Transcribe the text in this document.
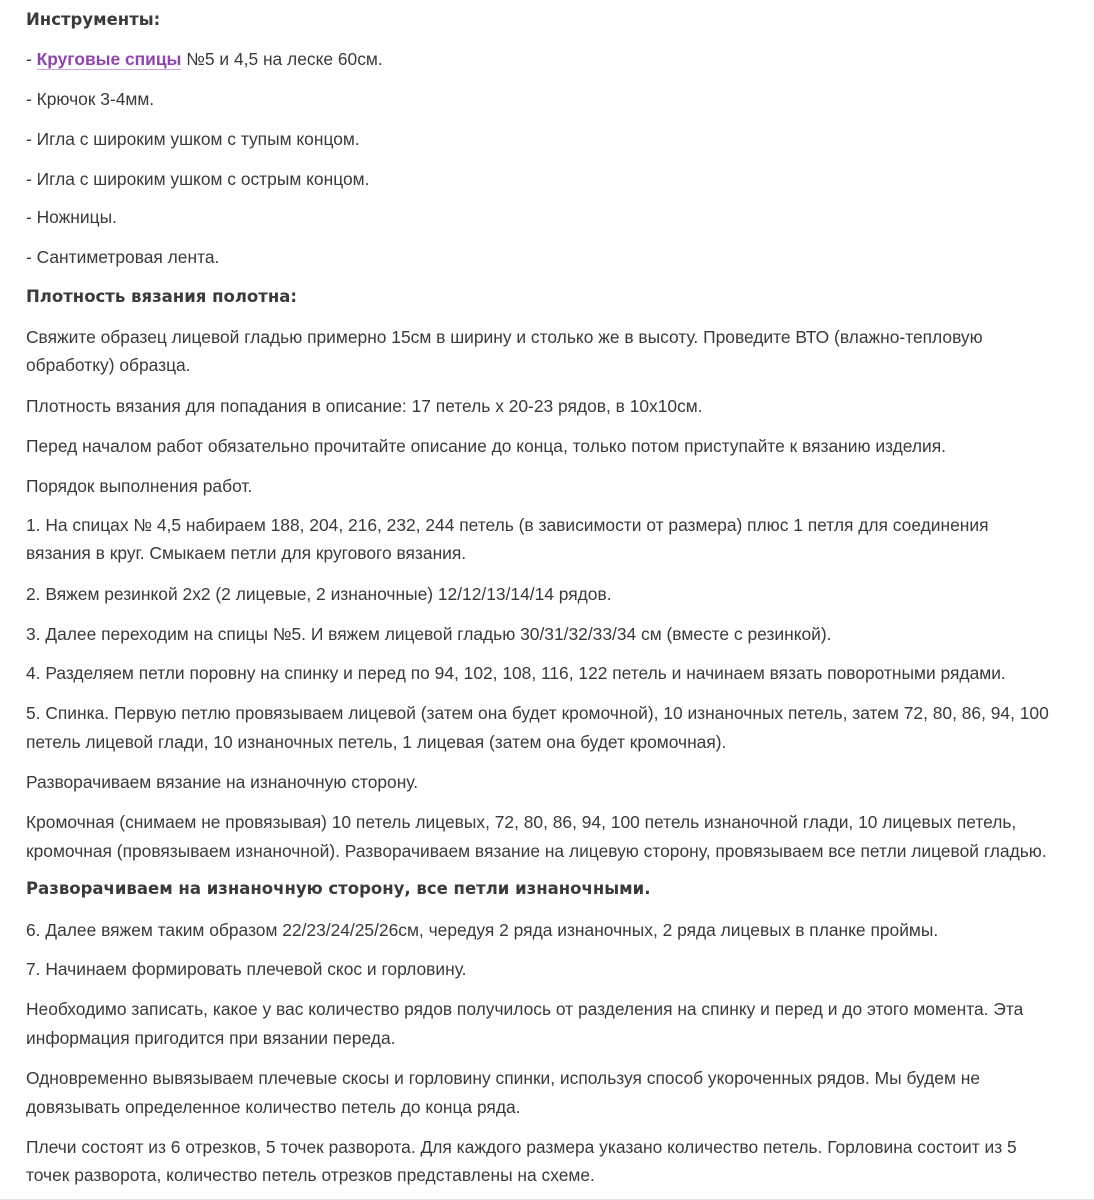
Инструменты:
- Круговые спицы №5 и 4,5 на леске 60см.
- Крючок 3-4мм.
- Игла с широким ушком с тупым концом.
- Игла с широким ушком с острым концом.
- Ножницы.
- Сантиметровая лента.
Плотность вязания полотна:
Свяжите образец лицевой гладью примерно 15см в ширину и столько же в высоту. Проведите ВТО (влажно-тепловую
обработку) образца.
Плотность вязания для попадания в описание: 17 петель х 20-23 рядов, в 10х10см.
Перед началом работ обязательно прочитайте описание до конца, только потом приступайте к вязанию изделия.
Порядок выполнения работ.
1. На спицах № 4,5 набираем 188, 204, 216, 232, 244 петель (в зависимости от размера) плюс 1 петля для соединения
вязания в круг. Смыкаем петли для кругового вязания.
2. Вяжем резинкой 2х2 (2 лицевые, 2 изнаночные) 12/12/13/14/14 рядов.
3. Далее переходим на спицы №5. И вяжем лицевой гладью 30/31/32/33/34 см (вместе с резинкой).
4. Разделяем петли поровну на спинку и перед по 94, 102, 108, 116, 122 петель и начинаем вязать поворотными рядами.
5. Спинка. Первую петлю провязываем лицевой (затем она будет кромочной), 10 изнаночных петель, затем 72, 80, 86, 94, 100
петель лицевой глади, 10 изнаночных петель, 1 лицевая (затем она будет кромочная).
Разворачиваем вязание на изнаночную сторону.
Кромочная (снимаем не провязывая) 10 петель лицевых, 72, 80, 86, 94, 100 петель изнаночной глади, 10 лицевых петель,
кромочная (провязываем изнаночной). Разворачиваем вязание на лицевую сторону, провязываем все петли лицевой гладью.
Разворачиваем на изнаночную сторону, все петли изнаночными.
6. Далее вяжем таким образом 22/23/24/25/26см, чередуя 2 ряда изнаночных, 2 ряда лицевых в планке проймы.
7. Начинаем формировать плечевой скос и горловину.
Необходимо записать, какое у вас количество рядов получилось от разделения на спинку и перед и до этого момента. Эта
информация пригодится при вязании переда.
Одновременно вывязываем плечевые скосы и горловину спинки, используя способ укороченных рядов. Мы будем не
довязывать определенное количество петель до конца ряда.
Плечи состоят из 6 отрезков, 5 точек разворота. Для каждого размера указано количество петель. Горловина состоит из 5
точек разворота, количество петель отрезков представлены на схеме.
